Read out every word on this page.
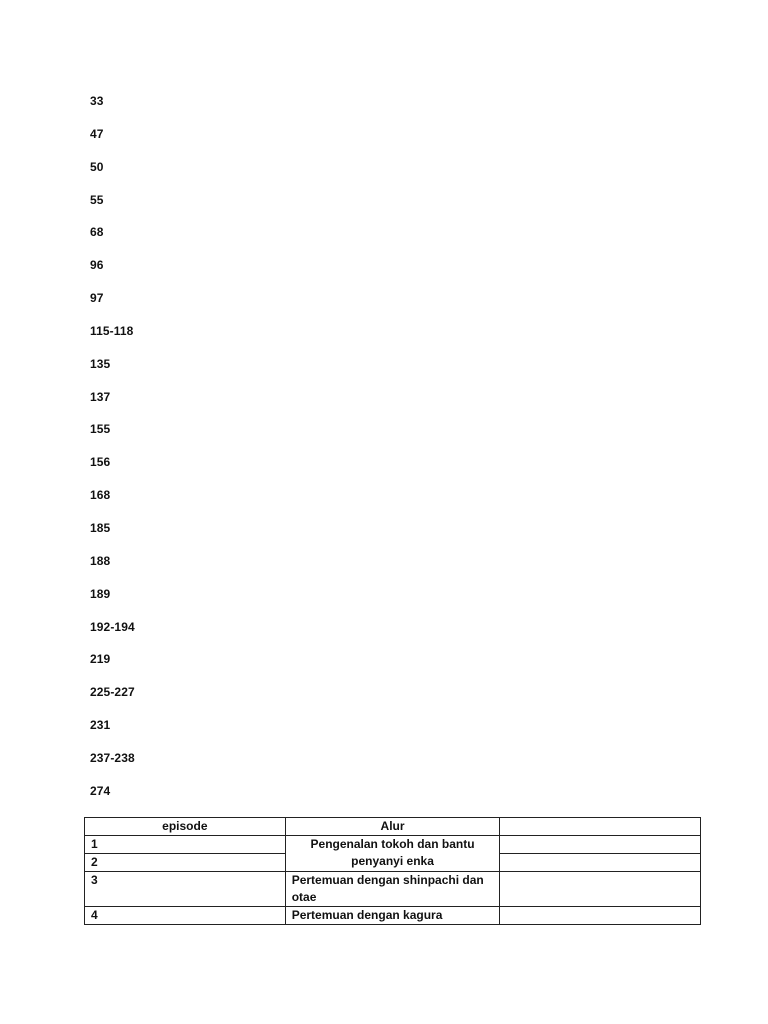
33
47
50
55
68
96
97
115-118
135
137
155
156
168
185
188
189
192-194
219
225-227
231
237-238
274
episode	Alur	
1	Pengenalan tokoh dan bantu
penyanyi enka	

2		
3	Pertemuan dengan shinpachi dan
otae	

4	Pertemuan dengan kagura	
